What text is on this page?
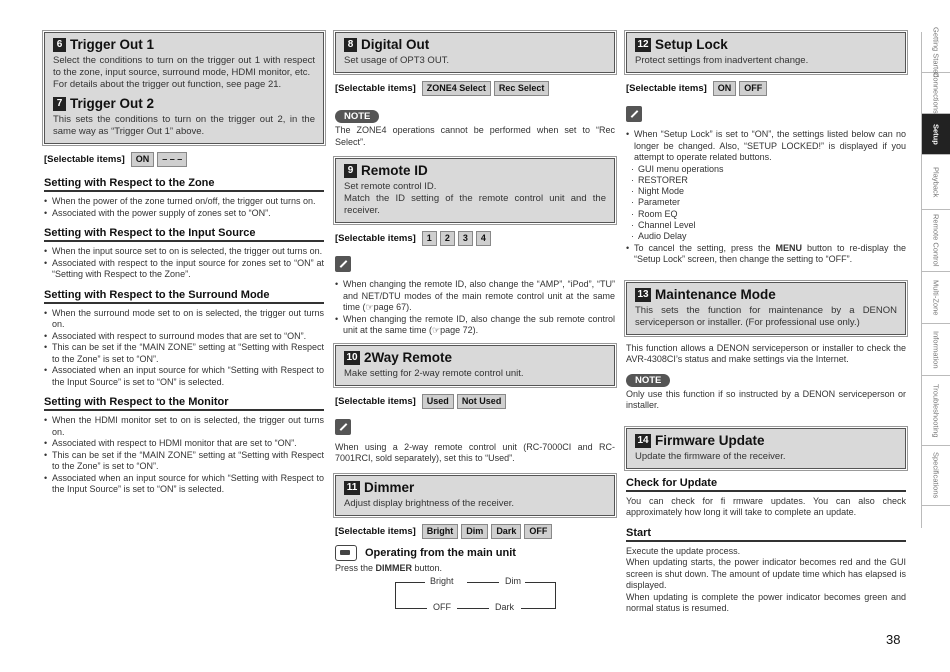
6 Trigger Out 1
Select the conditions to turn on the trigger out 1 with respect to the zone, input source, surround mode, HDMI monitor, etc.
For details about the trigger out function, see page 21.
7 Trigger Out 2
This sets the conditions to turn on the trigger out 2, in the same way as “Trigger Out 1” above.
[Selectable items]	ON	– – –
Setting with Respect to the Zone
• When the power of the zone turned on/off, the trigger out turns on.
• Associated with the power supply of zones set to “ON”.
Setting with Respect to the Input Source
• When the input source set to on is selected, the trigger out turns on.
• Associated with respect to the input source for zones set to “ON” at “Setting with Respect to the Zone”.
Setting with Respect to the Surround Mode
• When the surround mode set to on is selected, the trigger out turns on.
• Associated with respect to surround modes that are set to “ON”.
• This can be set if the “MAIN ZONE” setting at “Setting with Respect to the Zone” is set to “ON”.
• Associated when an input source for which “Setting with Respect to the Input Source” is set to “ON” is selected.
Setting with Respect to the Monitor
• When the HDMI monitor set to on is selected, the trigger out turns on.
• Associated with respect to HDMI monitor that are set to “ON”.
• This can be set if the “MAIN ZONE” setting at “Setting with Respect to the Zone” is set to “ON”.
• Associated when an input source for which “Setting with Respect to the Input Source” is set to “ON” is selected.
8 Digital Out
Set usage of OPT3 OUT.
[Selectable items]	ZONE4 Select	Rec Select
NOTE
The ZONE4 operations cannot be performed when set to “Rec Select”.
9 Remote ID
Set remote control ID.
Match the ID setting of the remote control unit and the receiver.
[Selectable items]	1	2	3	4
• When changing the remote ID, also change the “AMP”, “iPod”, “TU” and NET/DTU modes of the main remote control unit at the same time (☞page 67).
• When changing the remote ID, also change the sub remote control unit at the same time (☞page 72).
10 2Way Remote
Make setting for 2-way remote control unit.
[Selectable items]	Used	Not Used
When using a 2-way remote control unit (RC-7000CI and RC-7001RCI, sold separately), set this to “Used”.
11 Dimmer
Adjust display brightness of the receiver.
[Selectable items]	Bright	Dim	Dark	OFF
Operating from the main unit
Press the DIMMER button.
Bright	Dim
OFF	Dark
12 Setup Lock
Protect settings from inadvertent change.
[Selectable items]	ON	OFF
• When “Setup Lock” is set to “ON”, the settings listed below can no longer be changed. Also, “SETUP LOCKED!” is displayed if you attempt to operate related buttons.
· GUI menu operations
· RESTORER
· Night Mode
· Parameter
· Room EQ
· Channel Level
· Audio Delay
• To cancel the setting, press the MENU button to re-display the “Setup Lock” screen, then change the setting to “OFF”.
13 Maintenance Mode
This sets the function for maintenance by a DENON serviceperson or installer. (For professional use only.)
This function allows a DENON serviceperson or installer to check the AVR-4308CI’s status and make settings via the Internet.
NOTE
Only use this function if so instructed by a DENON serviceperson or installer.
14 Firmware Update
Update the firmware of the receiver.
Check for Update
You can check for fi rmware updates. You can also check approximately how long it will take to complete an update.
Start
Execute the update process.
When updating starts, the power indicator becomes red and the GUI screen is shut down. The amount of update time which has elapsed is displayed.
When updating is complete the power indicator becomes green and normal status is resumed.
Getting Started
Connections
Setup
Playback
Remote Control
Multi-Zone
Information
Troubleshooting
Specifications
38
